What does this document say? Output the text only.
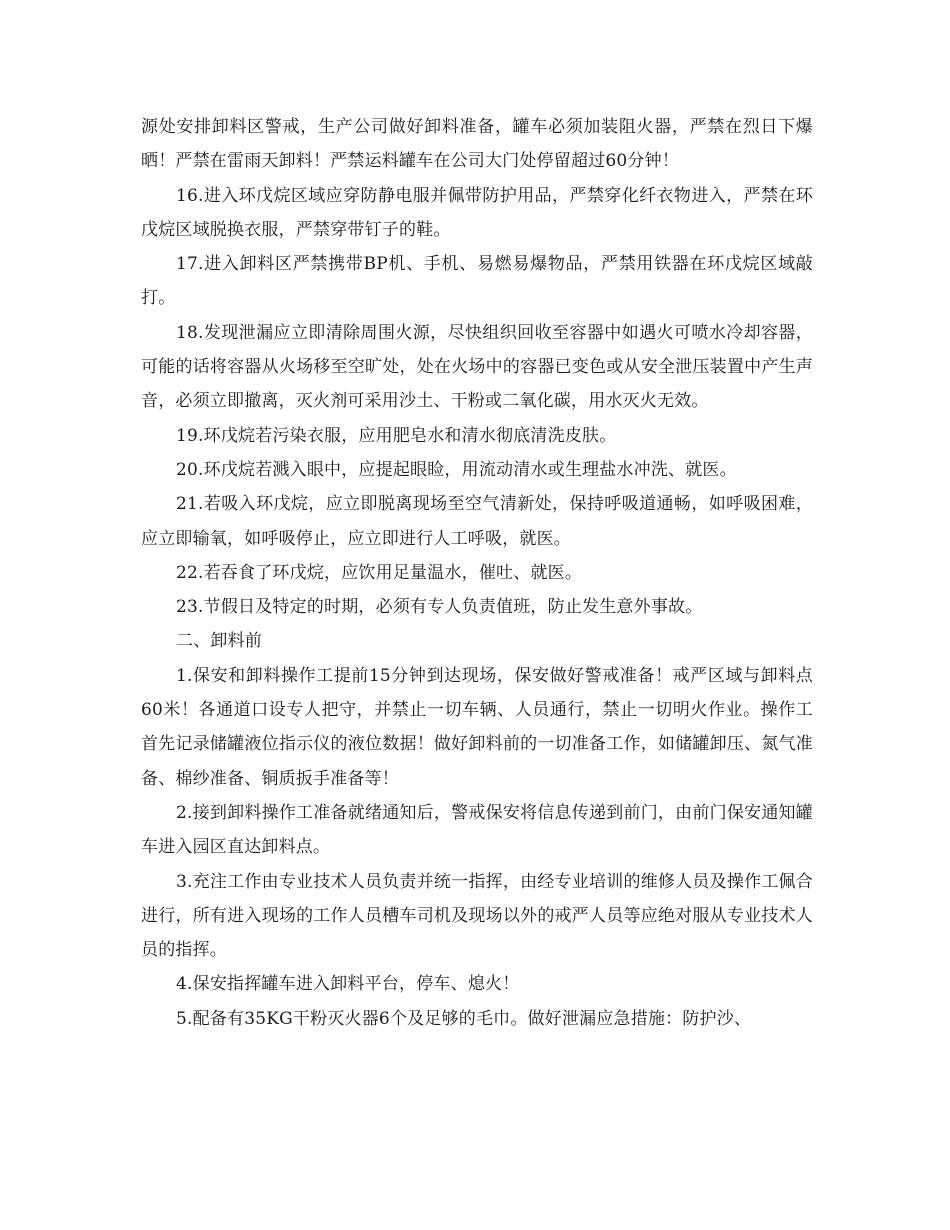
源处安排卸料区警戒，生产公司做好卸料准备，罐车必须加装阻火器，严禁在烈日下爆晒！严禁在雷雨天卸料！严禁运料罐车在公司大门处停留超过60分钟！

16.进入环戊烷区域应穿防静电服并佩带防护用品，严禁穿化纤衣物进入，严禁在环戊烷区域脱换衣服，严禁穿带钉子的鞋。

17.进入卸料区严禁携带BP机、手机、易燃易爆物品，严禁用铁器在环戊烷区域敲打。

18.发现泄漏应立即清除周围火源，尽快组织回收至容器中如遇火可喷水冷却容器，可能的话将容器从火场移至空旷处，处在火场中的容器已变色或从安全泄压装置中产生声音，必须立即撤离，灭火剂可采用沙土、干粉或二氧化碳，用水灭火无效。

19.环戊烷若污染衣服，应用肥皂水和清水彻底清洗皮肤。

20.环戊烷若溅入眼中，应提起眼睑，用流动清水或生理盐水冲洗、就医。

21.若吸入环戊烷，应立即脱离现场至空气清新处，保持呼吸道通畅，如呼吸困难，应立即输氧，如呼吸停止，应立即进行人工呼吸，就医。

22.若吞食了环戊烷，应饮用足量温水，催吐、就医。

23.节假日及特定的时期，必须有专人负责值班，防止发生意外事故。

二、卸料前

1.保安和卸料操作工提前15分钟到达现场，保安做好警戒准备！戒严区域与卸料点60米！各通道口设专人把守，并禁止一切车辆、人员通行，禁止一切明火作业。操作工首先记录储罐液位指示仪的液位数据！做好卸料前的一切准备工作，如储罐卸压、氮气准备、棉纱准备、铜质扳手准备等！

2.接到卸料操作工准备就绪通知后，警戒保安将信息传递到前门，由前门保安通知罐车进入园区直达卸料点。

3.充注工作由专业技术人员负责并统一指挥，由经专业培训的维修人员及操作工佩合进行，所有进入现场的工作人员槽车司机及现场以外的戒严人员等应绝对服从专业技术人员的指挥。

4.保安指挥罐车进入卸料平台，停车、熄火！

5.配备有35KG干粉灭火器6个及足够的毛巾。做好泄漏应急措施：防护沙、
